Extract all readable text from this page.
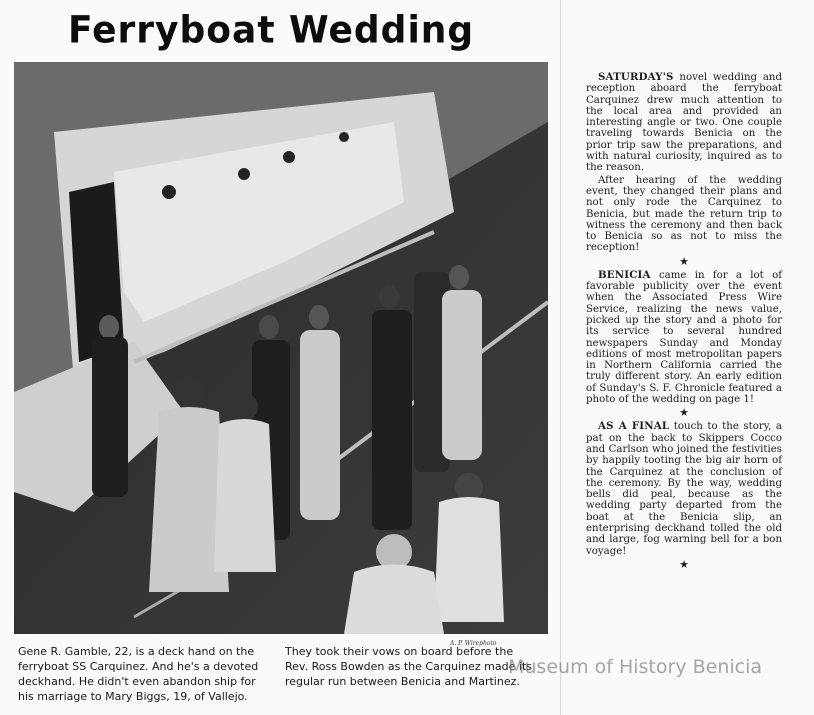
Ferryboat Wedding
A. P. Wirephoto
Gene R. Gamble, 22, is a deck hand on the ferryboat SS Carquinez. And he's a devoted deckhand. He didn't even abandon ship for his marriage to Mary Biggs, 19, of Vallejo. They took their vows on board before the Rev. Ross Bowden as the Carquinez made its regular run between Benicia and Martinez.

SATURDAY'S novel wedding and reception aboard the ferryboat Carquinez drew much attention to the local area and provided an interesting angle or two. One couple traveling towards Benicia on the prior trip saw the preparations, and with natural curiosity, inquired as to the reason.

After hearing of the wedding event, they changed their plans and not only rode the Carquinez to Benicia, but made the return trip to witness the ceremony and then back to Benicia so as not to miss the reception!

★

BENICIA came in for a lot of favorable publicity over the event when the Associated Press Wire Service, realizing the news value, picked up the story and a photo for its service to several hundred newspapers Sunday and Monday editions of most metropolitan papers in Northern California carried the truly different story. An early edition of Sunday's S. F. Chronicle featured a photo of the wedding on page 1!

★

AS A FINAL touch to the story, a pat on the back to Skippers Cocco and Carlson who joined the festivities by happily tooting the big air horn of the Carquinez at the conclusion of the ceremony. By the way, wedding bells did peal, because as the wedding party departed from the boat at the Benicia slip, an enterprising deckhand tolled the old and large, fog warning bell for a bon voyage!

★
Museum of History Benicia
